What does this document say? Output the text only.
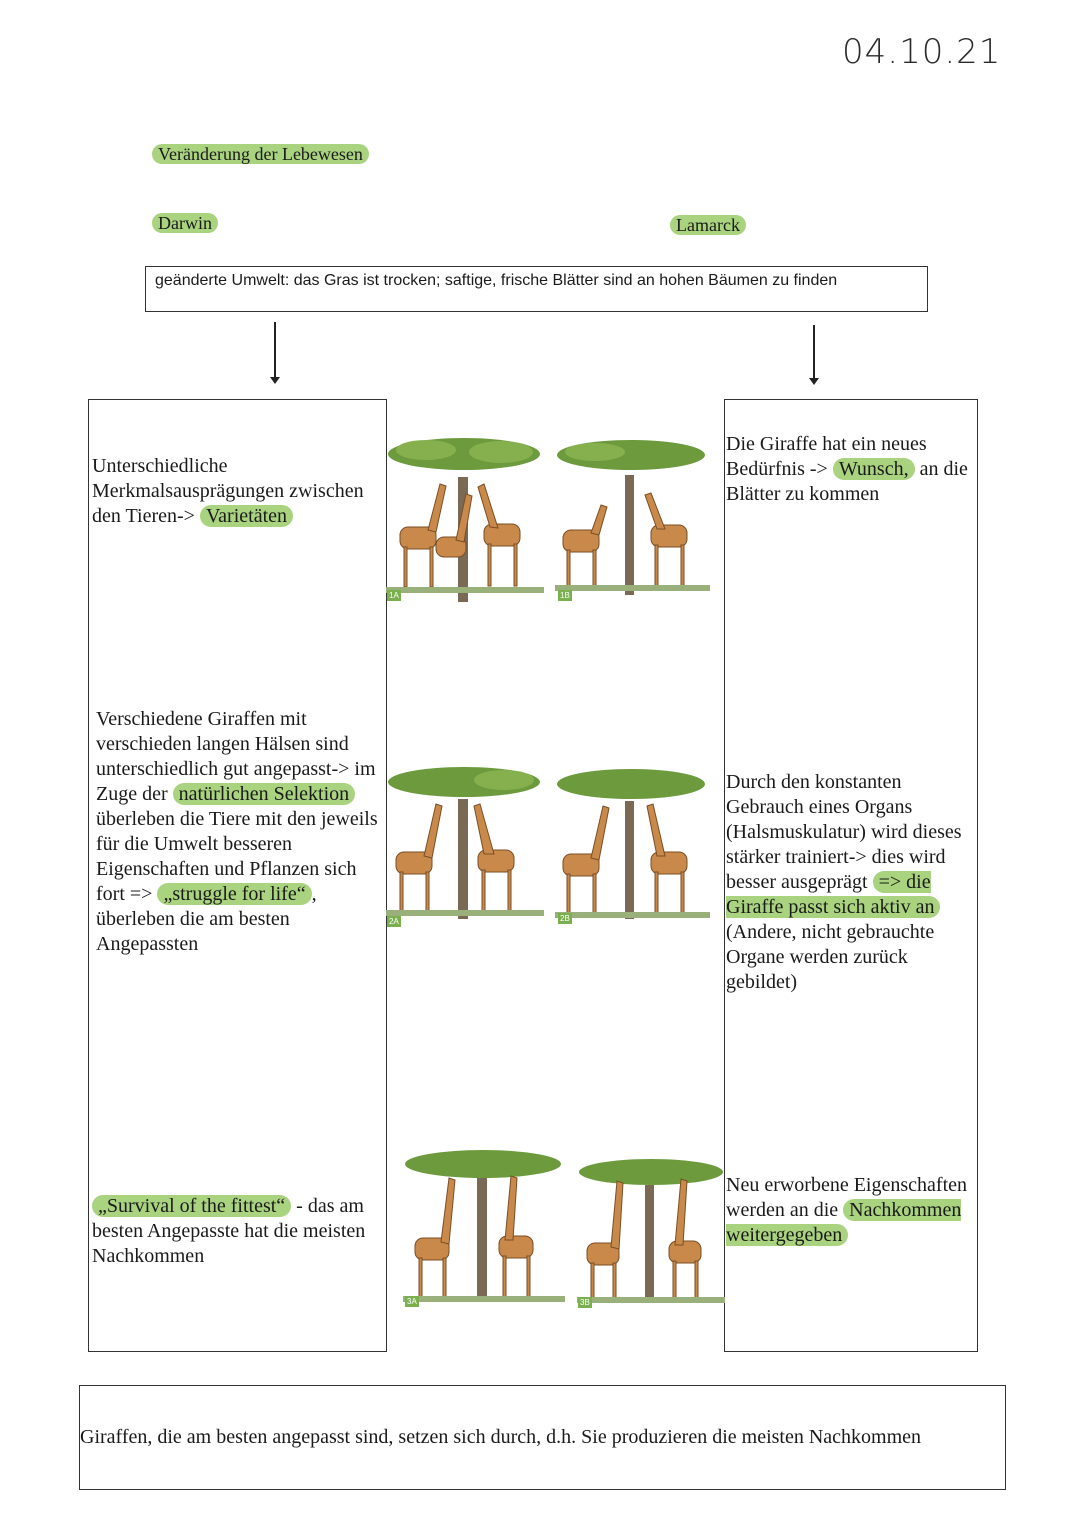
04.10.21
Veränderung der Lebewesen
Darwin	Lamarck
geänderte Umwelt: das Gras ist trocken; saftige, frische Blätter sind an hohen Bäumen zu finden
Unterschiedliche Merkmalsausprägungen zwischen den Tieren-> Varietäten
Verschiedene Giraffen mit verschieden langen Hälsen sind unterschiedlich gut angepasst-> im Zuge der natürlichen Selektion überleben die Tiere mit den jeweils für die Umwelt besseren Eigenschaften und Pflanzen sich fort => „struggle for life“ , überleben die am besten Angepassten
„Survival of the fittest“ - das am besten Angepasste hat die meisten Nachkommen
Die Giraffe hat ein neues Bedürfnis -> Wunsch, an die Blätter zu kommen
Durch den konstanten Gebrauch eines Organs (Halsmuskulatur) wird dieses stärker trainiert-> dies wird besser ausgeprägt => die Giraffe passt sich aktiv an (Andere, nicht gebrauchte Organe werden zurück gebildet)
Neu erworbene Eigenschaften werden an die Nachkommen weitergegeben
1A	1B
2A	2B
3A	3B
Giraffen, die am besten angepasst sind, setzen sich durch, d.h. Sie produzieren die meisten Nachkommen
